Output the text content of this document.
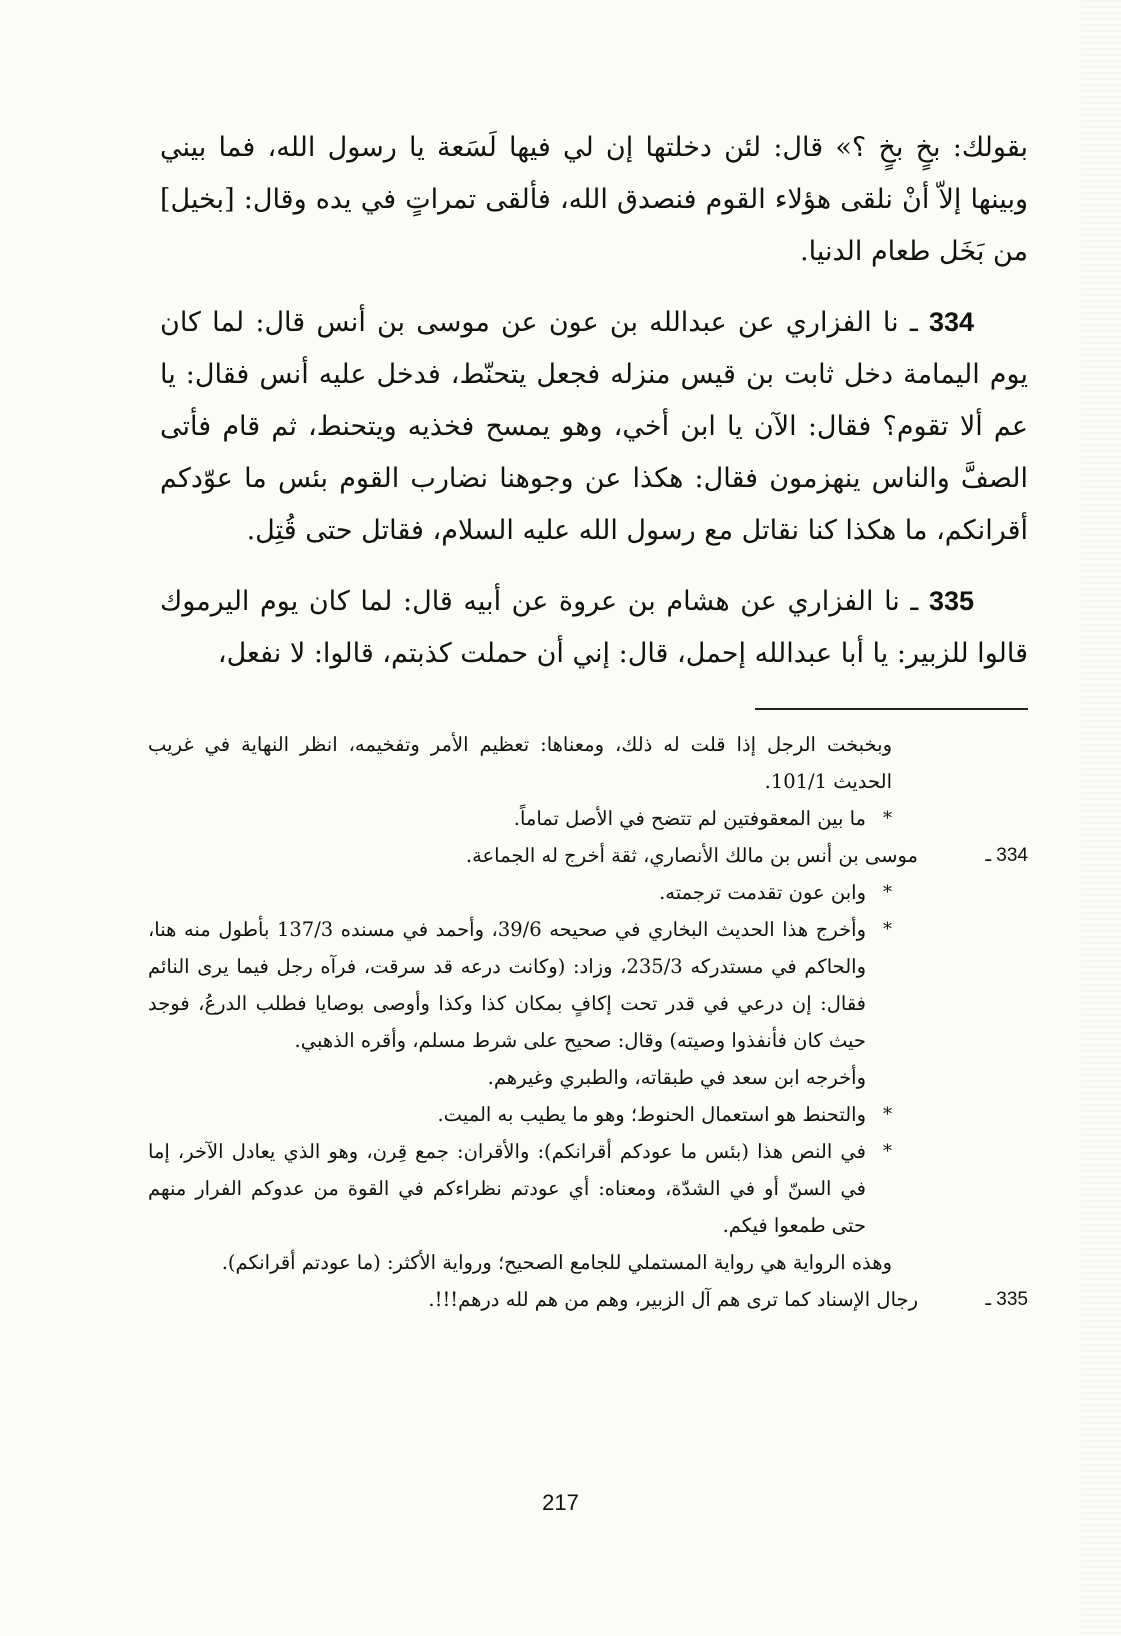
بقولك: بخٍ بخٍ ؟» قال: لئن دخلتها إن لي فيها لَسَعة يا رسول الله، فما بيني وبينها إلاّ أنْ نلقى هؤلاء القوم فنصدق الله، فألقى تمراتٍ في يده وقال: [بخيل] من بَخَل طعام الدنيا.

  334 ـ نا الفزاري عن عبدالله بن عون عن موسى بن أنس قال: لما كان يوم اليمامة دخل ثابت بن قيس منزله فجعل يتحنّط، فدخل عليه أنس فقال: يا عم ألا تقوم؟ فقال: الآن يا ابن أخي، وهو يمسح فخذيه ويتحنط، ثم قام فأتى الصفَّ والناس ينهزمون فقال: هكذا عن وجوهنا نضارب القوم بئس ما عوّدكم أقرانكم، ما هكذا كنا نقاتل مع رسول الله عليه السلام، فقاتل حتى قُتِل.

  335 ـ نا الفزاري عن هشام بن عروة عن أبيه قال: لما كان يوم اليرموك قالوا للزبير: يا أبا عبدالله إحمل، قال: إني أن حملت كذبتم، قالوا: لا نفعل،

وبخبخت الرجل إذا قلت له ذلك، ومعناها: تعظيم الأمر وتفخيمه، انظر النهاية في غريب الحديث 101/1.

*
ما بين المعقوفتين لم تتضح في الأصل تماماً.
334 ـ
موسى بن أنس بن مالك الأنصاري، ثقة أخرج له الجماعة.
*
وابن عون تقدمت ترجمته.
*
وأخرج هذا الحديث البخاري في صحيحه 39/6، وأحمد في مسنده 137/3 بأطول منه هنا، والحاكم في مستدركه 235/3، وزاد: (وكانت درعه قد سرقت، فرآه رجل فيما يرى النائم فقال: إن درعي في قدر تحت إكافٍ بمكان كذا وكذا وأوصى بوصايا فطلب الدرعُ، فوجد حيث كان فأنفذوا وصيته) وقال: صحيح على شرط مسلم، وأقره الذهبي.

وأخرجه ابن سعد في طبقاته، والطبري وغيرهم.

*
والتحنط هو استعمال الحنوط؛ وهو ما يطيب به الميت.
*
في النص هذا (بئس ما عودكم أقرانكم): والأقران: جمع قِرن، وهو الذي يعادل الآخر، إما في السنّ أو في الشدّة، ومعناه: أي عودتم نظراءكم في القوة من عدوكم الفرار منهم حتى طمعوا فيكم.

وهذه الرواية هي رواية المستملي للجامع الصحيح؛ ورواية الأكثر: (ما عودتم أقرانكم).

335 ـ
رجال الإسناد كما ترى هم آل الزبير، وهم من هم لله درهم!!!.
217
